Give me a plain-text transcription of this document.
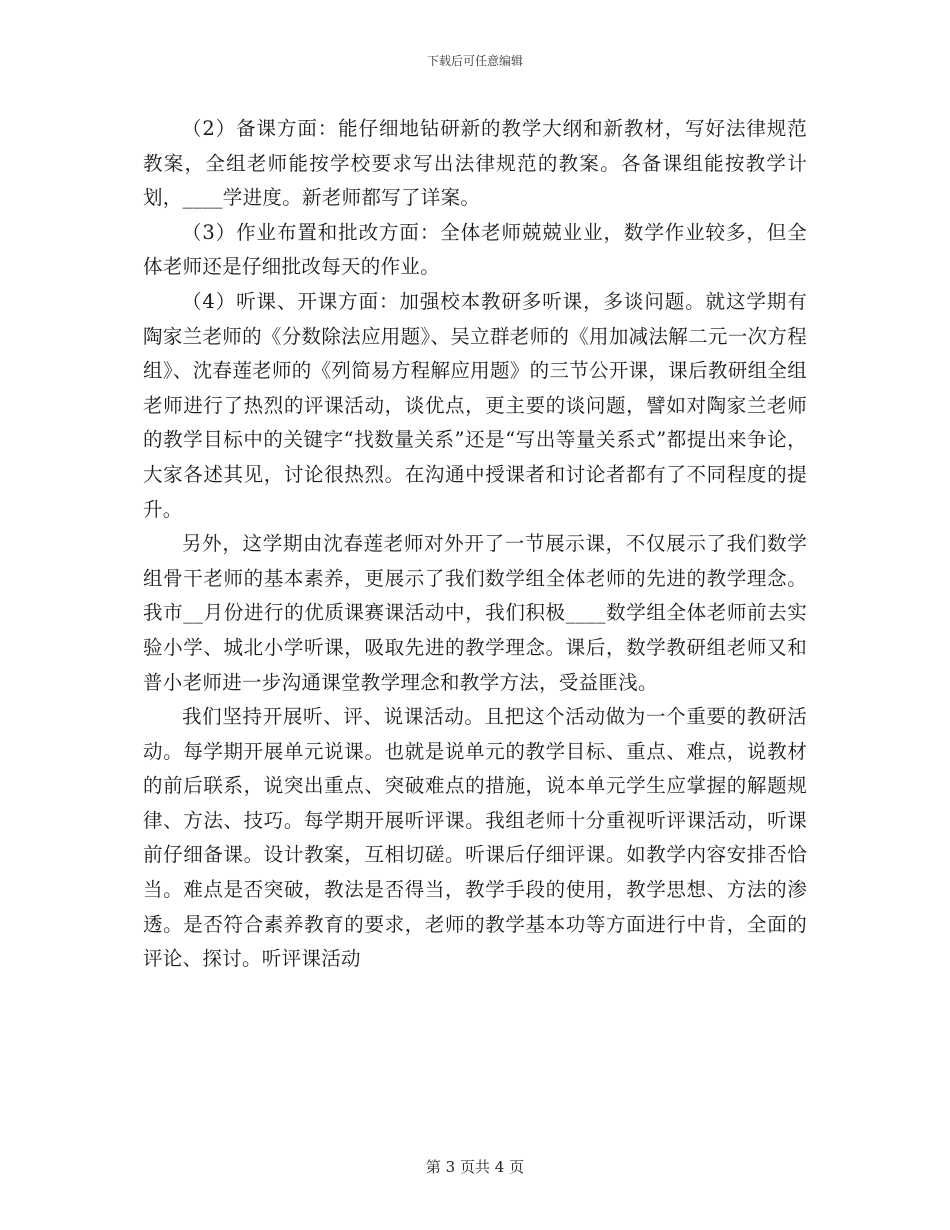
下载后可任意编辑

（2）备课方面：能仔细地钻研新的教学大纲和新教材，写好法律规范教案，全组老师能按学校要求写出法律规范的教案。各备课组能按教学计划，____学进度。新老师都写了详案。

（3）作业布置和批改方面：全体老师兢兢业业，数学作业较多，但全体老师还是仔细批改每天的作业。

（4）听课、开课方面：加强校本教研多听课，多谈问题。就这学期有陶家兰老师的《分数除法应用题》、吴立群老师的《用加减法解二元一次方程组》、沈春莲老师的《列简易方程解应用题》的三节公开课，课后教研组全组老师进行了热烈的评课活动，谈优点，更主要的谈问题，譬如对陶家兰老师的教学目标中的关键字“找数量关系”还是“写出等量关系式”都提出来争论，大家各述其见，讨论很热烈。在沟通中授课者和讨论者都有了不同程度的提升。

另外，这学期由沈春莲老师对外开了一节展示课，不仅展示了我们数学组骨干老师的基本素养，更展示了我们数学组全体老师的先进的教学理念。我市__月份进行的优质课赛课活动中，我们积极____数学组全体老师前去实验小学、城北小学听课，吸取先进的教学理念。课后，数学教研组老师又和普小老师进一步沟通课堂教学理念和教学方法，受益匪浅。

我们坚持开展听、评、说课活动。且把这个活动做为一个重要的教研活动。每学期开展单元说课。也就是说单元的教学目标、重点、难点，说教材的前后联系，说突出重点、突破难点的措施，说本单元学生应掌握的解题规律、方法、技巧。每学期开展听评课。我组老师十分重视听评课活动，听课前仔细备课。设计教案，互相切磋。听课后仔细评课。如教学内容安排否恰当。难点是否突破，教法是否得当，教学手段的使用，教学思想、方法的渗透。是否符合素养教育的要求，老师的教学基本功等方面进行中肯，全面的评论、探讨。听评课活动

第 3 页共 4 页
